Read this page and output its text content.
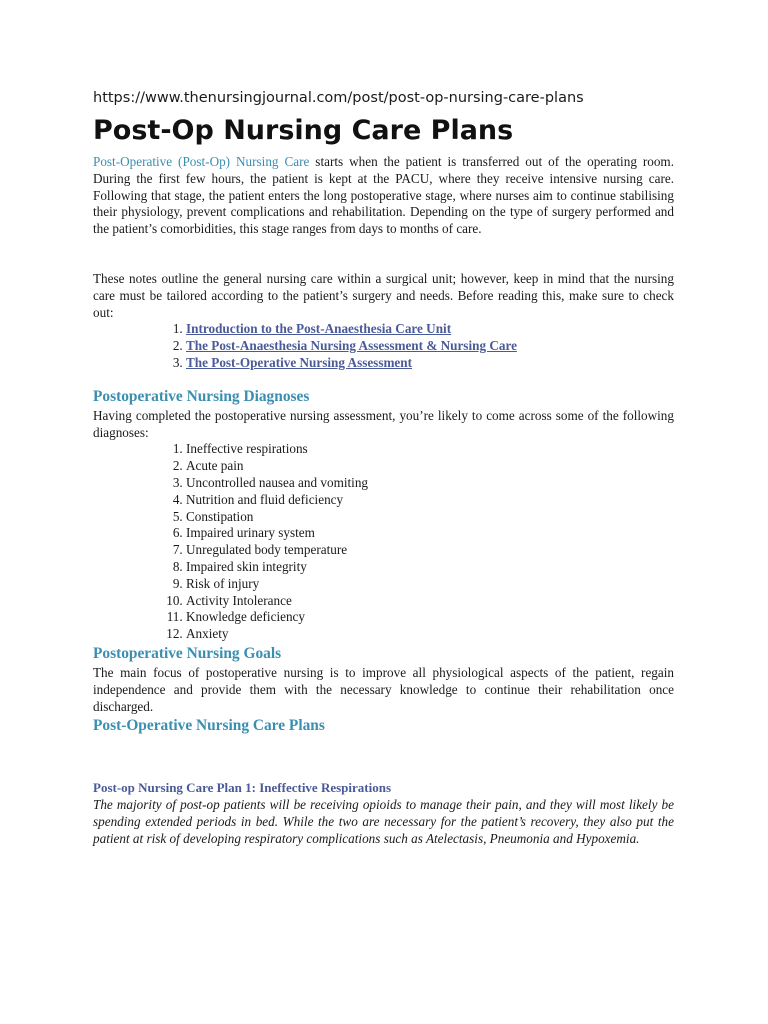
https://www.thenursingjournal.com/post/post-op-nursing-care-plans
Post-Op Nursing Care Plans

Post-Operative (Post-Op) Nursing Care starts when the patient is transferred out of the operating room. During the first few hours, the patient is kept at the PACU, where they receive intensive nursing care. Following that stage, the patient enters the long postoperative stage, where nurses aim to continue stabilising their physiology, prevent complications and rehabilitation. Depending on the type of surgery performed and the patient’s comorbidities, this stage ranges from days to months of care.

These notes outline the general nursing care within a surgical unit; however, keep in mind that the nursing care must be tailored according to the patient’s surgery and needs. Before reading this, make sure to check out:

1. Introduction to the Post-Anaesthesia Care Unit
2. The Post-Anaesthesia Nursing Assessment & Nursing Care
3. The Post-Operative Nursing Assessment
Postoperative Nursing Diagnoses

Having completed the postoperative nursing assessment, you’re likely to come across some of the following diagnoses:

1. Ineffective respirations
2. Acute pain
3. Uncontrolled nausea and vomiting
4. Nutrition and fluid deficiency
5. Constipation
6. Impaired urinary system
7. Unregulated body temperature
8. Impaired skin integrity
9. Risk of injury
10. Activity Intolerance
11. Knowledge deficiency
12. Anxiety
Postoperative Nursing Goals

The main focus of postoperative nursing is to improve all physiological aspects of the patient, regain independence and provide them with the necessary knowledge to continue their rehabilitation once discharged.

Post-Operative Nursing Care Plans
Post-op Nursing Care Plan 1: Ineffective Respirations

The majority of post-op patients will be receiving opioids to manage their pain, and they will most likely be spending extended periods in bed. While the two are necessary for the patient’s recovery, they also put the patient at risk of developing respiratory complications such as Atelectasis, Pneumonia and Hypoxemia.
